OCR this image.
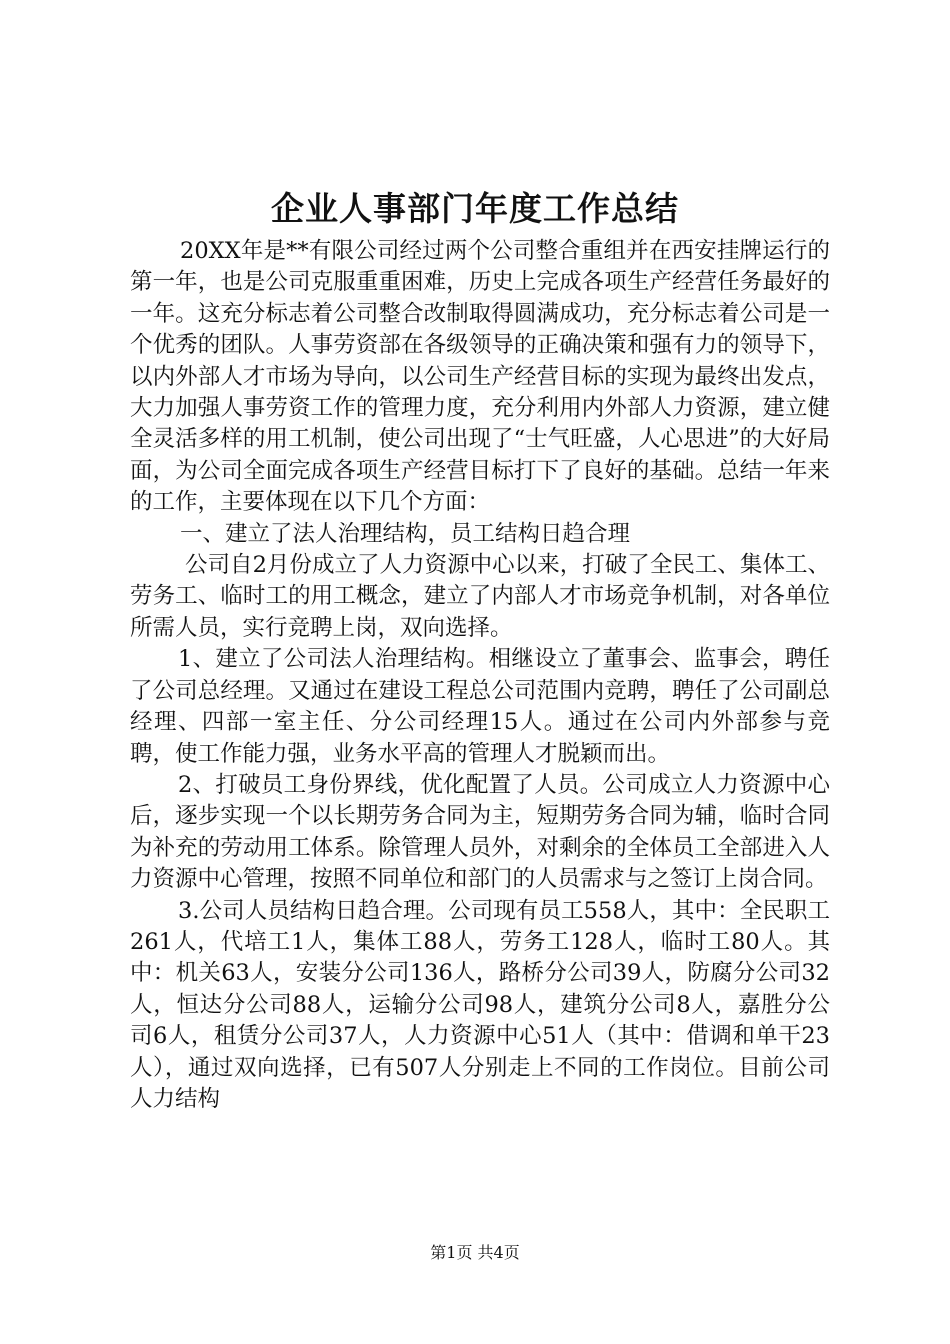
企业人事部门年度工作总结

20XX年是**有限公司经过两个公司整合重组并在西安挂牌运行的第一年，也是公司克服重重困难，历史上完成各项生产经营任务最好的一年。这充分标志着公司整合改制取得圆满成功，充分标志着公司是一个优秀的团队。人事劳资部在各级领导的正确决策和强有力的领导下，以内外部人才市场为导向，以公司生产经营目标的实现为最终出发点，大力加强人事劳资工作的管理力度，充分利用内外部人力资源，建立健全灵活多样的用工机制，使公司出现了“士气旺盛，人心思进”的大好局面，为公司全面完成各项生产经营目标打下了良好的基础。总结一年来的工作，主要体现在以下几个方面：

一、建立了法人治理结构，员工结构日趋合理

公司自2月份成立了人力资源中心以来，打破了全民工、集体工、劳务工、临时工的用工概念，建立了内部人才市场竞争机制，对各单位所需人员，实行竞聘上岗，双向选择。

1、建立了公司法人治理结构。相继设立了董事会、监事会，聘任了公司总经理。又通过在建设工程总公司范围内竞聘，聘任了公司副总经理、四部一室主任、分公司经理15人。通过在公司内外部参与竞聘，使工作能力强，业务水平高的管理人才脱颖而出。

2、打破员工身份界线，优化配置了人员。公司成立人力资源中心后，逐步实现一个以长期劳务合同为主，短期劳务合同为辅，临时合同为补充的劳动用工体系。除管理人员外，对剩余的全体员工全部进入人力资源中心管理，按照不同单位和部门的人员需求与之签订上岗合同。

3.公司人员结构日趋合理。公司现有员工558人，其中：全民职工261人，代培工1人，集体工88人，劳务工128人，临时工80人。其中：机关63人，安装分公司136人，路桥分公司39人，防腐分公司32人，恒达分公司88人，运输分公司98人，建筑分公司8人，嘉胜分公司6人，租赁分公司37人，人力资源中心51人（其中：借调和单干23人），通过双向选择，已有507人分别走上不同的工作岗位。目前公司人力结构

第1页 共4页
